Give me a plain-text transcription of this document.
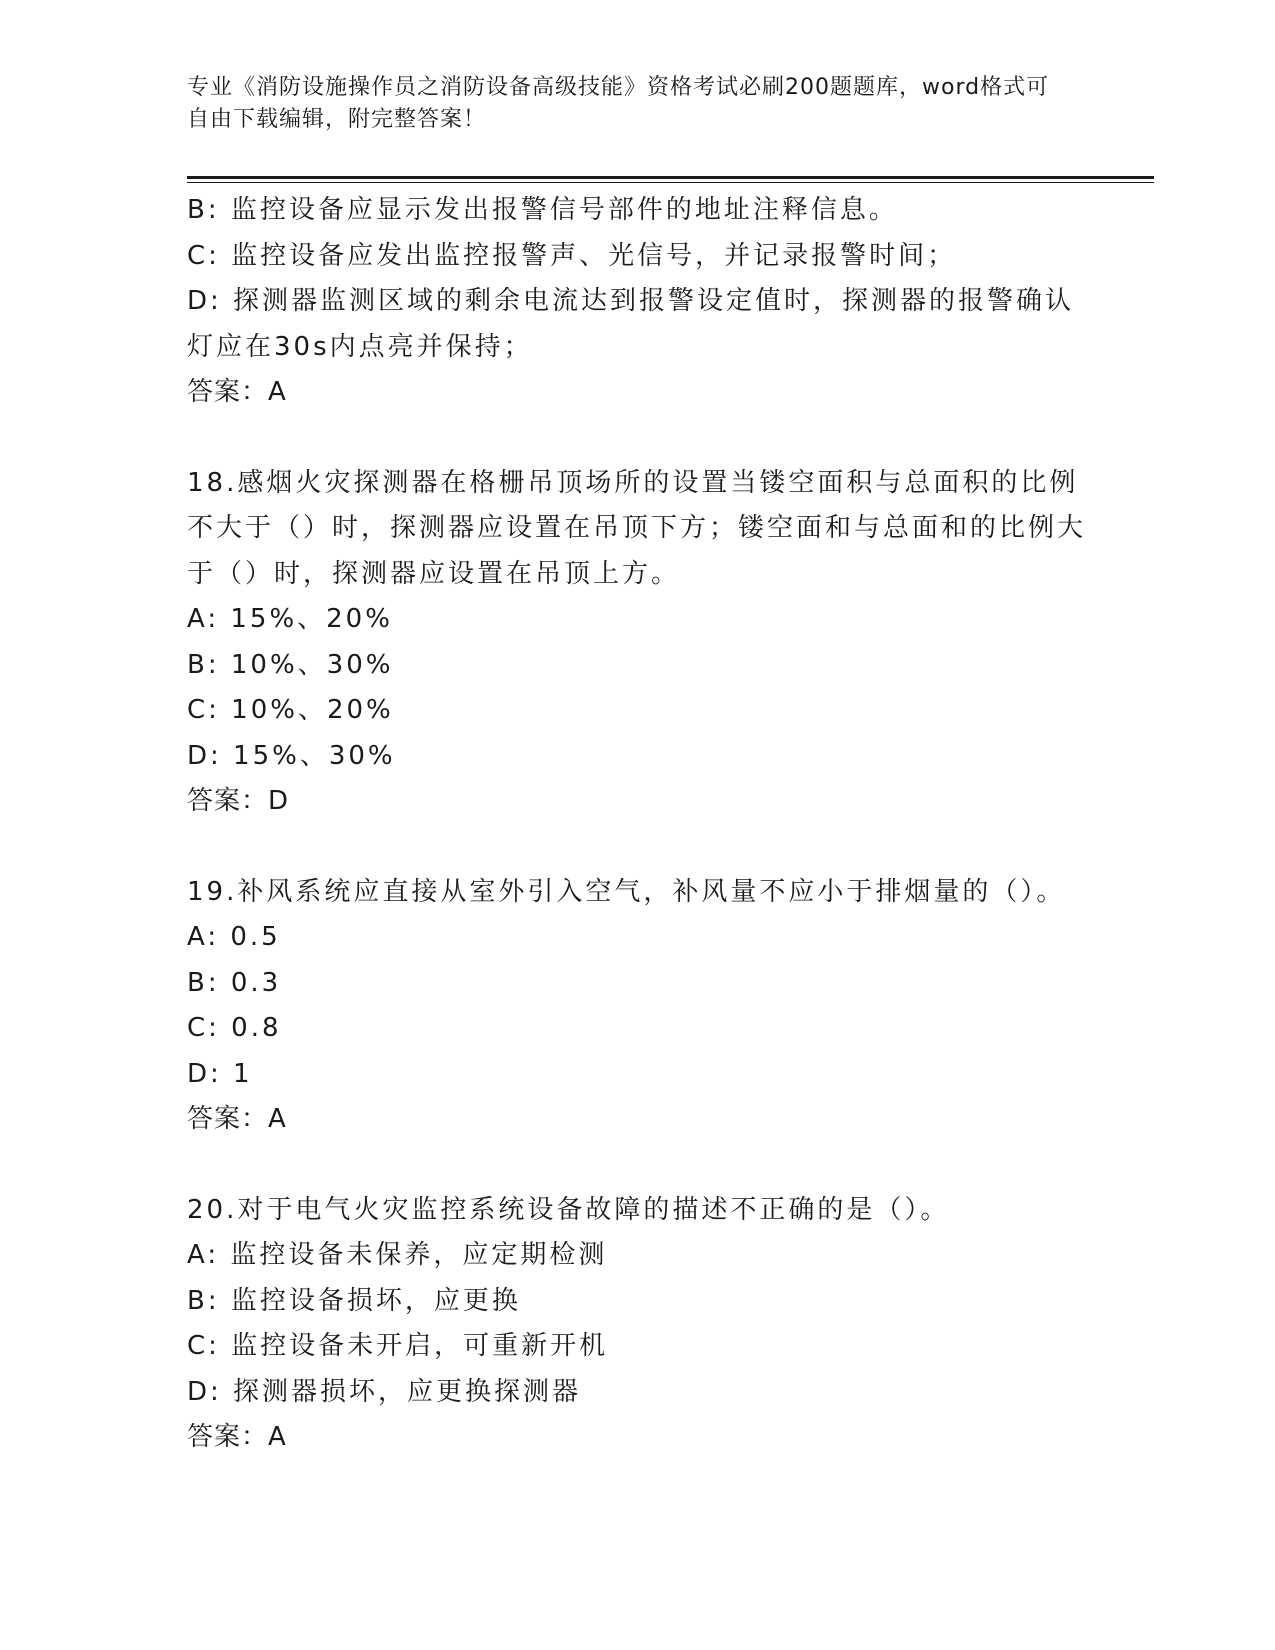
专业《消防设施操作员之消防设备高级技能》资格考试必刷200题题库，word格式可自由下载编辑，附完整答案！
B: 监控设备应显示发出报警信号部件的地址注释信息。
C: 监控设备应发出监控报警声、光信号，并记录报警时间；
D: 探测器监测区域的剩余电流达到报警设定值时，探测器的报警确认灯应在30s内点亮并保持；
答案：A
18.感烟火灾探测器在格栅吊顶场所的设置当镂空面积与总面积的比例不大于（）时，探测器应设置在吊顶下方；镂空面和与总面和的比例大于（）时，探测器应设置在吊顶上方。
A: 15%、20%
B: 10%、30%
C: 10%、20%
D: 15%、30%
答案：D
19.补风系统应直接从室外引入空气，补风量不应小于排烟量的（）。
A: 0.5
B: 0.3
C: 0.8
D: 1
答案：A
20.对于电气火灾监控系统设备故障的描述不正确的是（）。
A: 监控设备未保养，应定期检测
B: 监控设备损坏，应更换
C: 监控设备未开启，可重新开机
D: 探测器损坏，应更换探测器
答案：A
